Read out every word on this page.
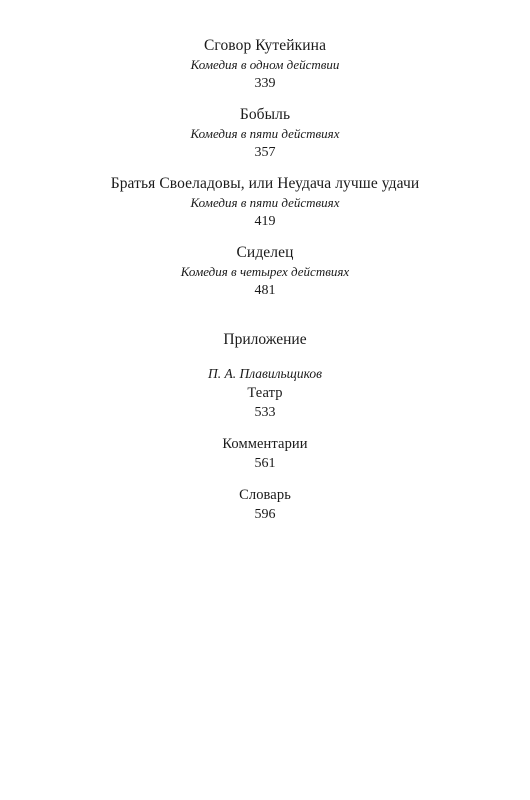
Сговор Кутейкина
Комедия в одном действии
339
Бобыль
Комедия в пяти действиях
357
Братья Своеладовы, или Неудача лучше удачи
Комедия в пяти действиях
419
Сиделец
Комедия в четырех действиях
481
Приложение
П. А. Плавильщиков
Театр
533
Комментарии
561
Словарь
596
